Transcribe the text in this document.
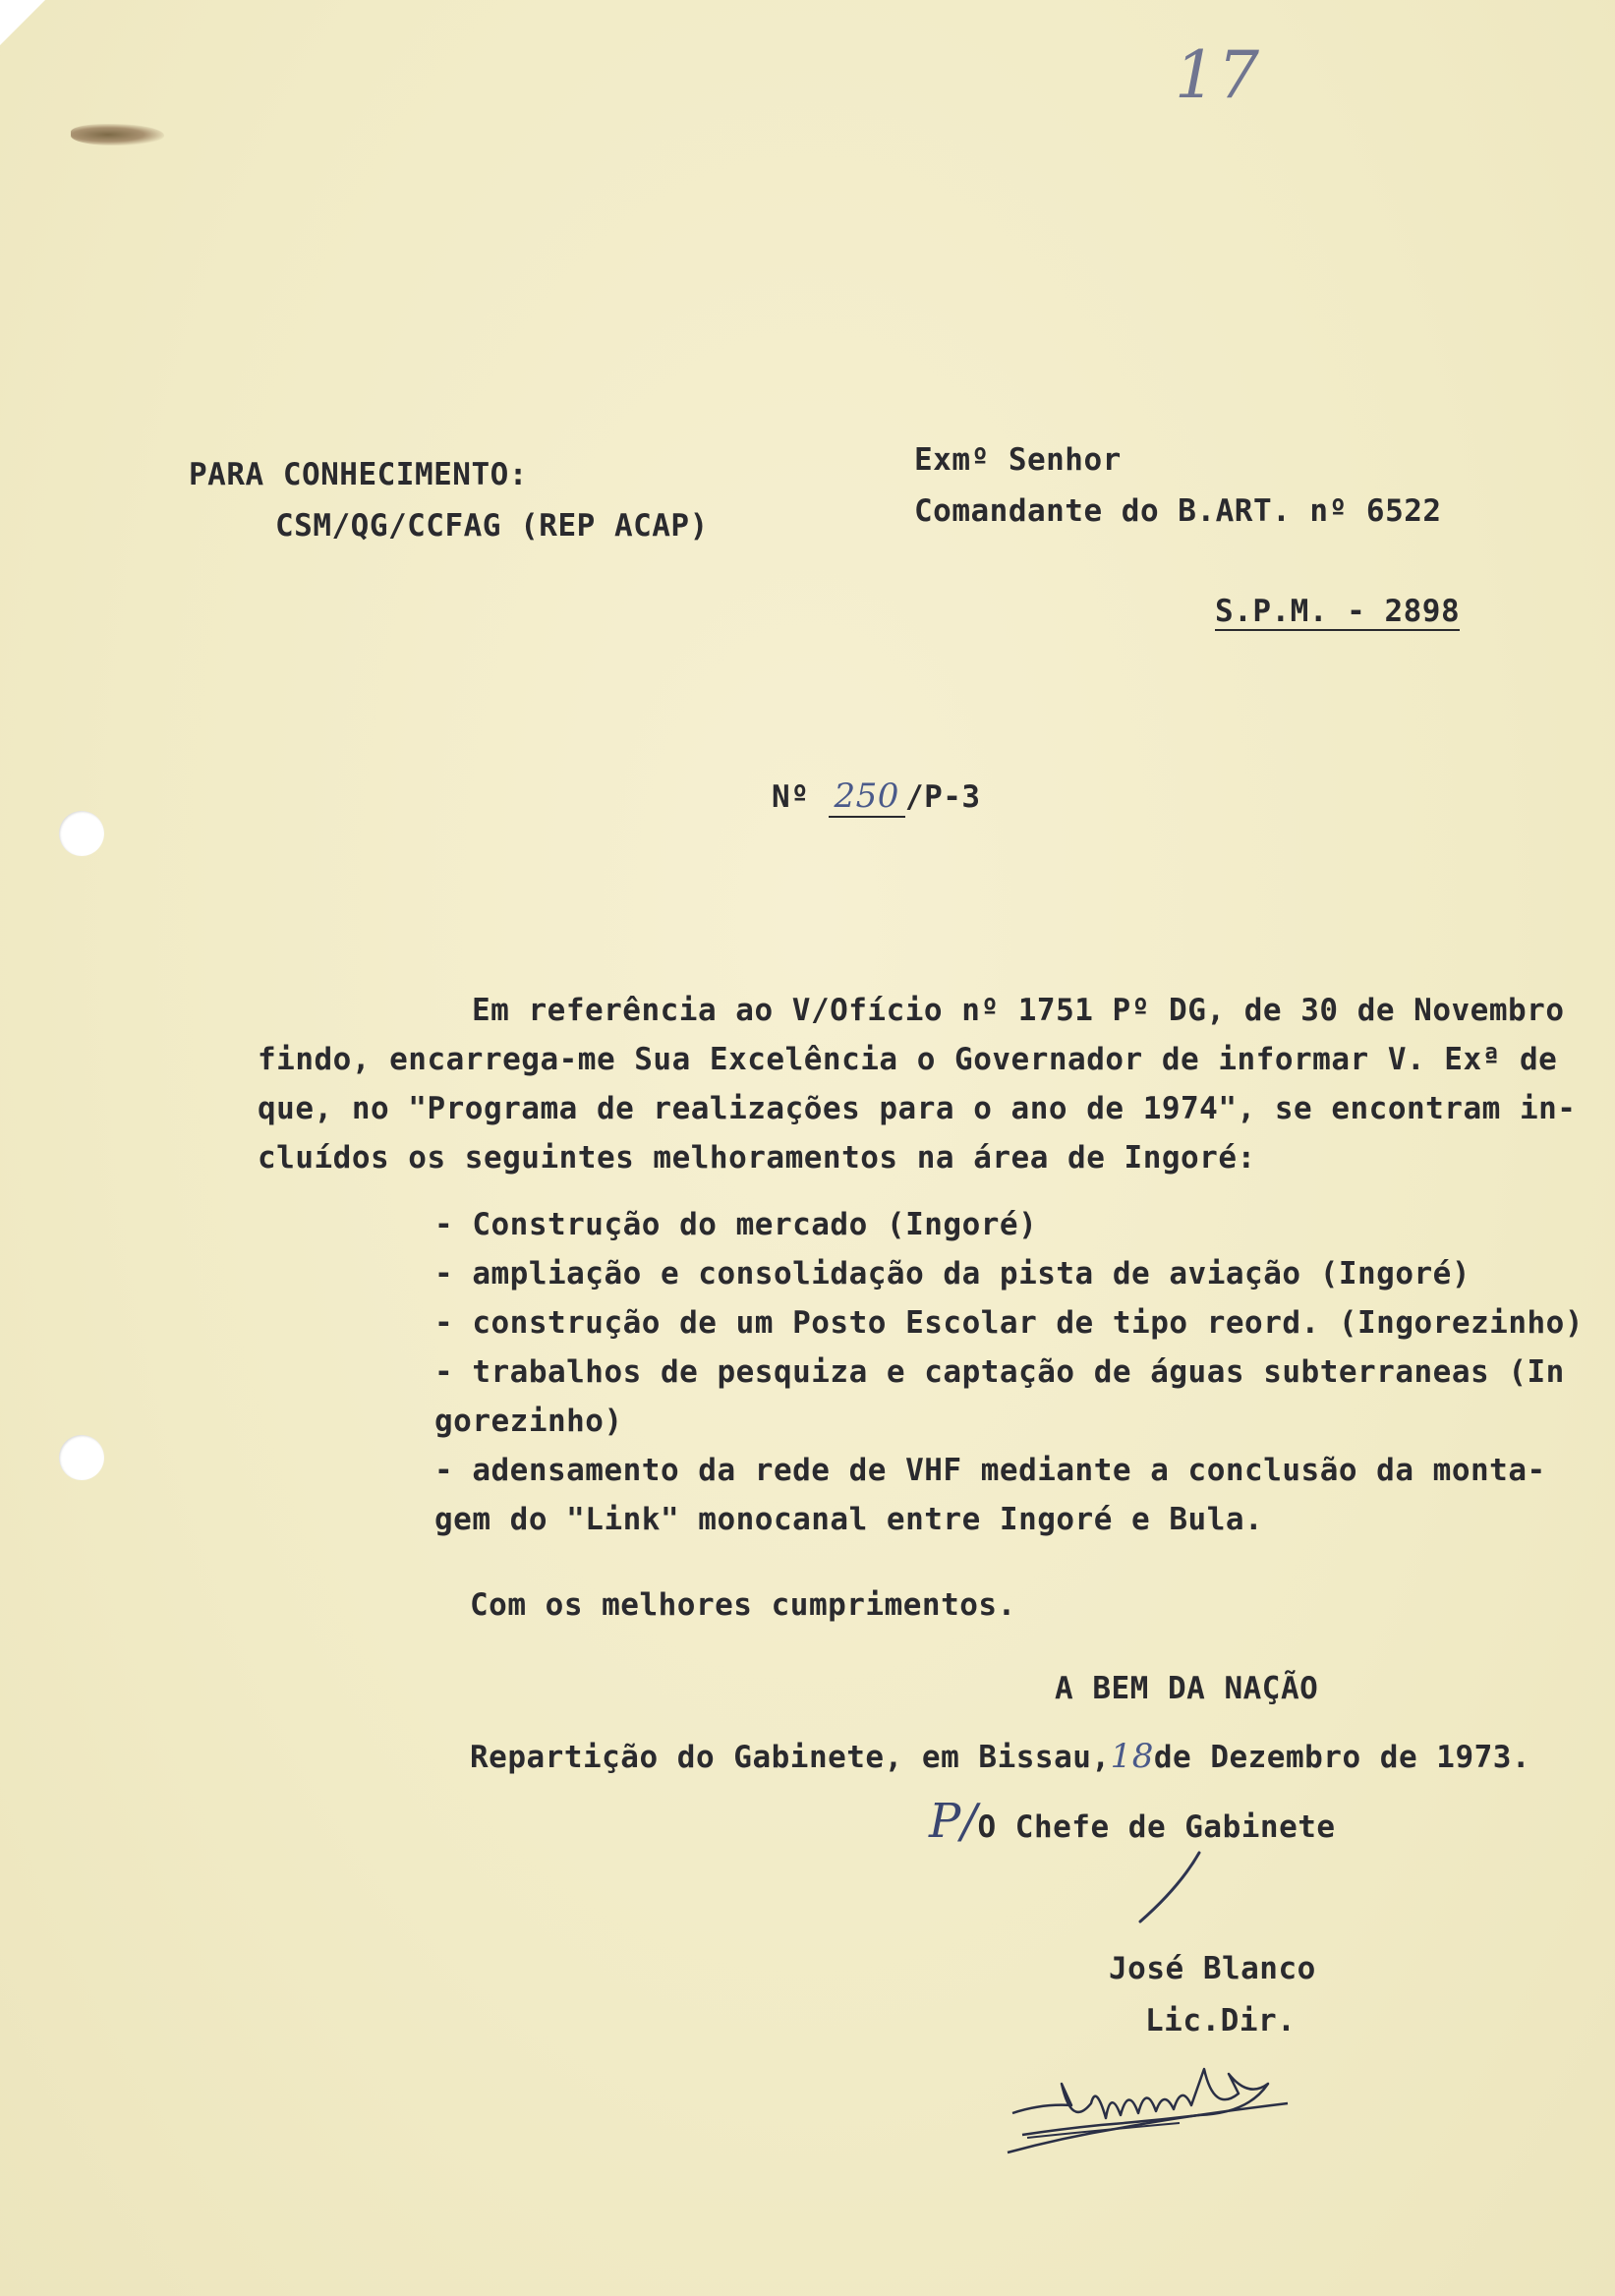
17
PARA CONHECIMENTO:
CSM/QG/CCFAG (REP ACAP)
Exmº Senhor
Comandante do B.ART. nº 6522
S.P.M. - 2898
Nº 250 /P-3
Em referência ao V/Ofício nº 1751 Pº DG, de 30 de Novembro
findo, encarrega-me Sua Excelência o Governador de informar V. Exª de
que, no "Programa de realizações para o ano de 1974", se encontram in-
cluídos os seguintes melhoramentos na área de Ingoré:
- Construção do mercado (Ingoré)
- ampliação e consolidação da pista de aviação (Ingoré)
- construção de um Posto Escolar de tipo reord. (Ingorezinho)
- trabalhos de pesquiza e captação de águas subterraneas (In
gorezinho)
- adensamento da rede de VHF mediante a conclusão da monta-
gem do "Link" monocanal entre Ingoré e Bula.
Com os melhores cumprimentos.
A BEM DA NAÇÃO
Repartição do Gabinete, em Bissau,18de Dezembro de 1973.
P/O Chefe de Gabinete
José Blanco
Lic.Dir.
